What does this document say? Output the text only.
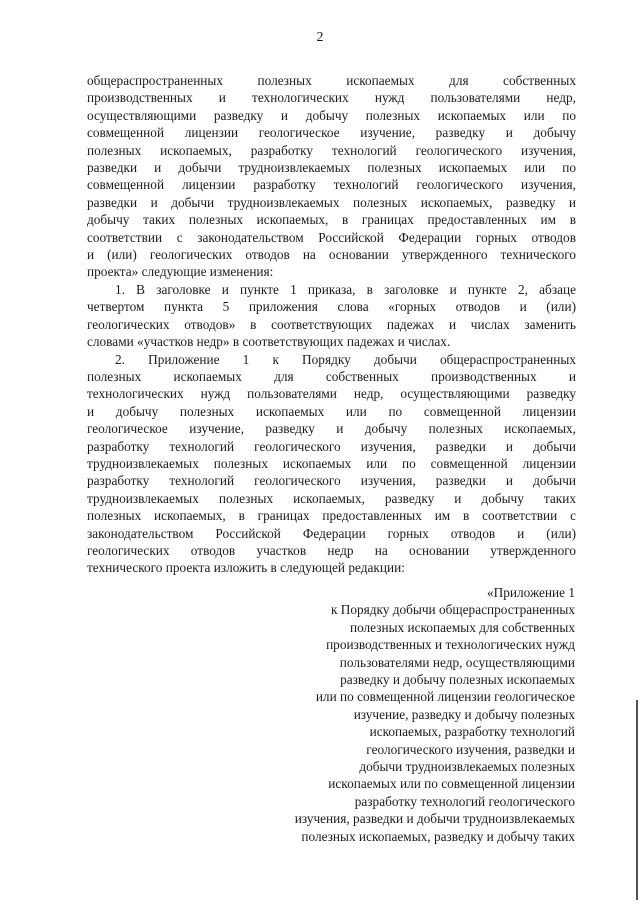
2
общераспространенных полезных ископаемых для собственных
производственных и технологических нужд пользователями недр,
осуществляющими разведку и добычу полезных ископаемых или по
совмещенной лицензии геологическое изучение, разведку и добычу
полезных ископаемых, разработку технологий геологического изучения,
разведки и добычи трудноизвлекаемых полезных ископаемых или по
совмещенной лицензии разработку технологий геологического изучения,
разведки и добычи трудноизвлекаемых полезных ископаемых, разведку и
добычу таких полезных ископаемых, в границах предоставленных им в
соответствии с законодательством Российской Федерации горных отводов
и (или) геологических отводов на основании утвержденного технического
проекта» следующие изменения:
1. В заголовке и пункте 1 приказа, в заголовке и пункте 2, абзаце
четвертом пункта 5 приложения слова «горных отводов и (или)
геологических отводов» в соответствующих падежах и числах заменить
словами «участков недр» в соответствующих падежах и числах.
2. Приложение 1 к Порядку добычи общераспространенных
полезных ископаемых для собственных производственных и
технологических нужд пользователями недр, осуществляющими разведку
и добычу полезных ископаемых или по совмещенной лицензии
геологическое изучение, разведку и добычу полезных ископаемых,
разработку технологий геологического изучения, разведки и добычи
трудноизвлекаемых полезных ископаемых или по совмещенной лицензии
разработку технологий геологического изучения, разведки и добычи
трудноизвлекаемых полезных ископаемых, разведку и добычу таких
полезных ископаемых, в границах предоставленных им в соответствии с
законодательством Российской Федерации горных отводов и (или)
геологических отводов участков недр на основании утвержденного
технического проекта изложить в следующей редакции:
«Приложение 1
к Порядку добычи общераспространенных
полезных ископаемых для собственных
производственных и технологических нужд
пользователями недр, осуществляющими
разведку и добычу полезных ископаемых
или по совмещенной лицензии геологическое
изучение, разведку и добычу полезных
ископаемых, разработку технологий
геологического изучения, разведки и
добычи трудноизвлекаемых полезных
ископаемых или по совмещенной лицензии
разработку технологий геологического
изучения, разведки и добычи трудноизвлекаемых
полезных ископаемых, разведку и добычу таких
